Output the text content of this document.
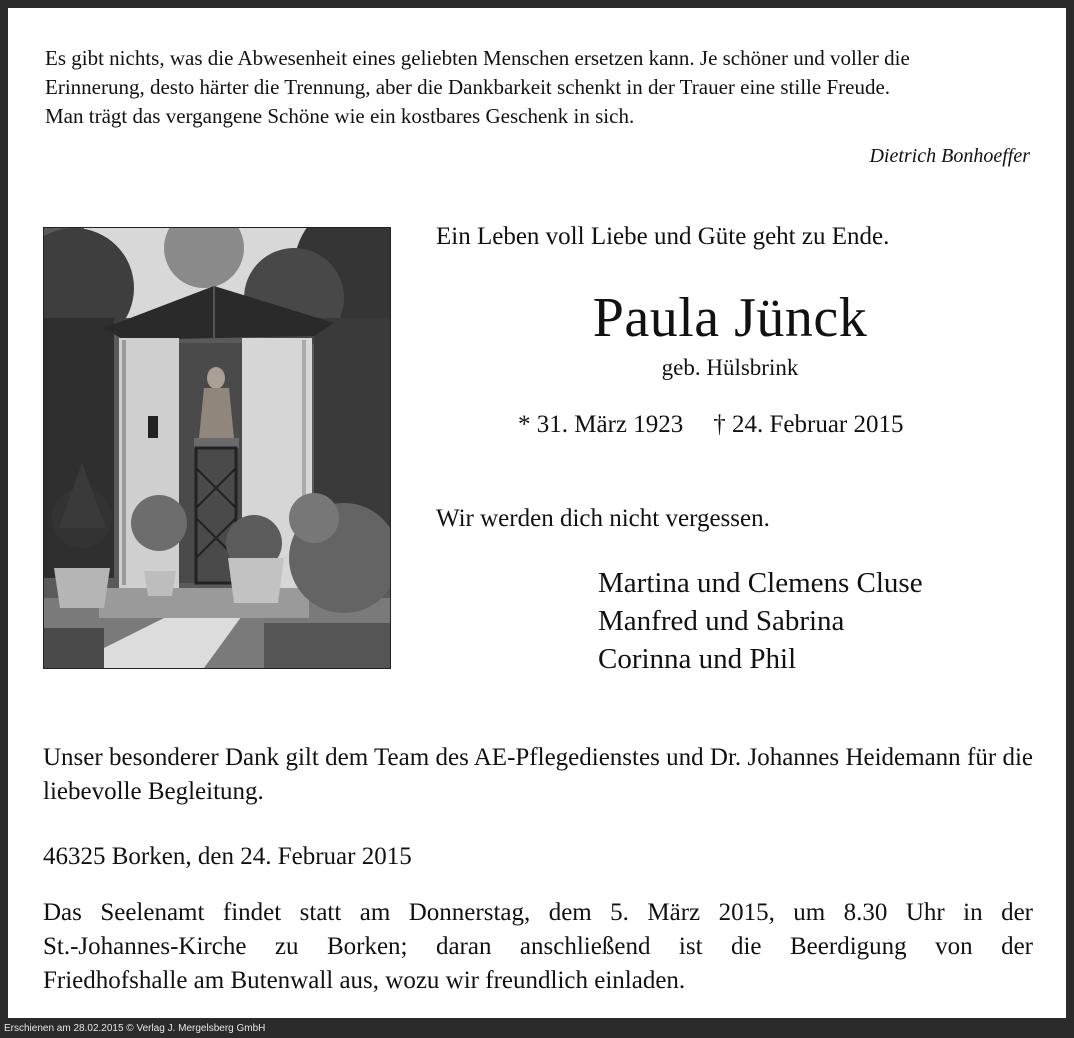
Es gibt nichts, was die Abwesenheit eines geliebten Menschen ersetzen kann. Je schöner und voller die
Erinnerung, desto härter die Trennung, aber die Dankbarkeit schenkt in der Trauer eine stille Freude.
Man trägt das vergangene Schöne wie ein kostbares Geschenk in sich.
Dietrich Bonhoeffer
Ein Leben voll Liebe und Güte geht zu Ende.
Paula Jünck
geb. Hülsbrink
* 31. März 1923 † 24. Februar 2015
Wir werden dich nicht vergessen.
Martina und Clemens Cluse
Manfred und Sabrina
Corinna und Phil
Unser besonderer Dank gilt dem Team des AE-Pflegedienstes und Dr. Johannes Heidemann für die liebevolle Begleitung.
46325 Borken, den 24. Februar 2015
Das Seelenamt findet statt am Donnerstag, dem 5. März 2015, um 8.30 Uhr in der
St.-Johannes-Kirche zu Borken; daran anschließend ist die Beerdigung von der
Friedhofshalle am Butenwall aus, wozu wir freundlich einladen.
Erschienen am 28.02.2015 © Verlag J. Mergelsberg GmbH
